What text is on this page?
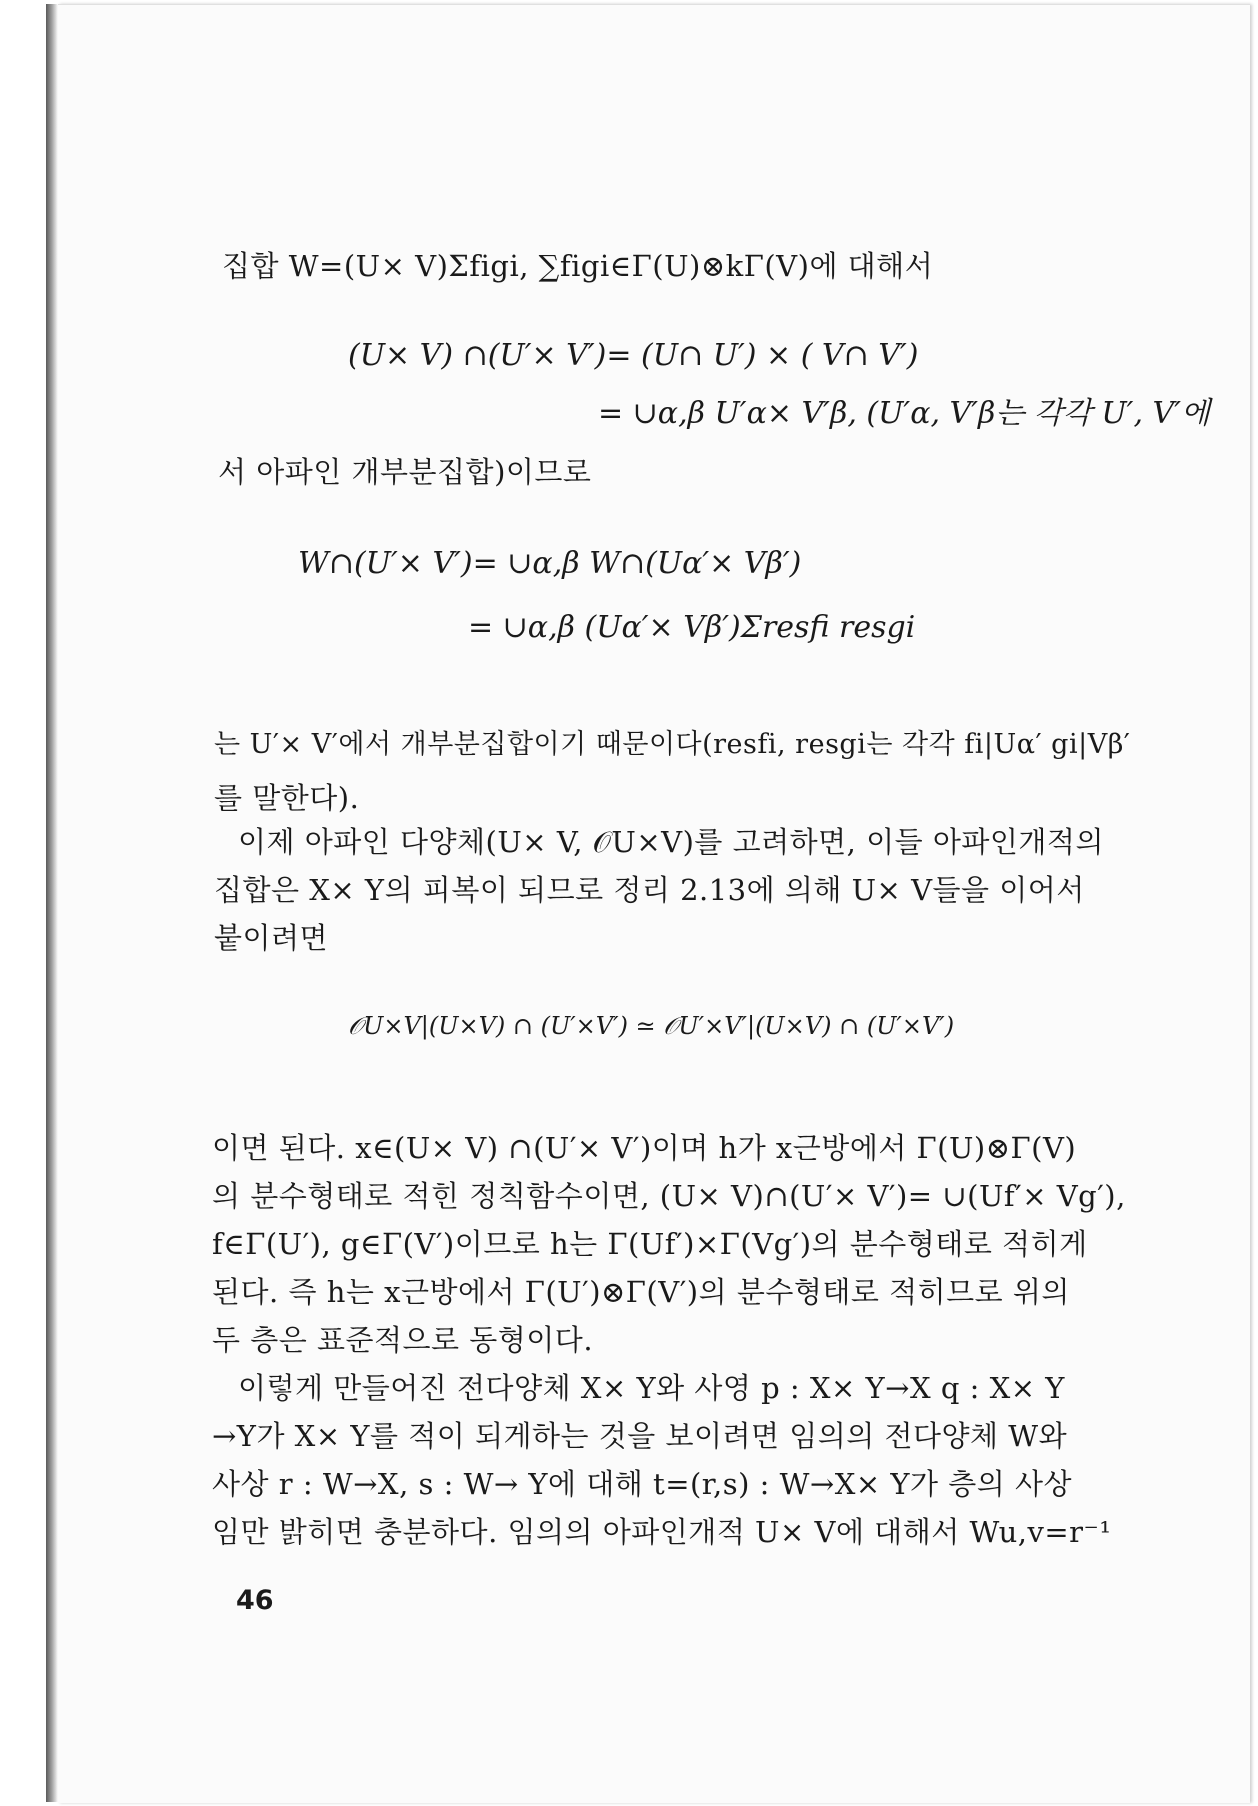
집합 W=(U× V)Σfigi, ∑figi∈Γ(U)⊗kΓ(V)에 대해서
(U× V) ∩(U′× V′)= (U∩ U′) × ( V∩ V′)
= ∪α,β U′α× V′β, (U′α, V′β는 각각 U′, V′에
서 아파인 개부분집합)이므로
W∩(U′× V′)= ∪α,β W∩(Uα′× Vβ′)
= ∪α,β (Uα′× Vβ′)Σresfi resgi
는 U′× V′에서 개부분집합이기 때문이다(resfi, resgi는 각각 fi|Uα′ gi|Vβ′
를 말한다).
이제 아파인 다양체(U× V, 𝒪U×V)를 고려하면, 이들 아파인개적의
집합은 X× Y의 피복이 되므로 정리 2.13에 의해 U× V들을 이어서
붙이려면
𝒪U×V|(U×V) ∩ (U′×V′) ≃ 𝒪U′×V′|(U×V) ∩ (U′×V′)
이면 된다. x∈(U× V) ∩(U′× V′)이며 h가 x근방에서 Γ(U)⊗Γ(V)
의 분수형태로 적힌 정칙함수이면, (U× V)∩(U′× V′)= ∪(Uf′× Vg′),
f∈Γ(U′), g∈Γ(V′)이므로 h는 Γ(Uf′)×Γ(Vg′)의 분수형태로 적히게
된다. 즉 h는 x근방에서 Γ(U′)⊗Γ(V′)의 분수형태로 적히므로 위의
두 층은 표준적으로 동형이다.
이렇게 만들어진 전다양체 X× Y와 사영 p : X× Y→X q : X× Y
→Y가 X× Y를 적이 되게하는 것을 보이려면 임의의 전다양체 W와
사상 r : W→X, s : W→ Y에 대해 t=(r,s) : W→X× Y가 층의 사상
임만 밝히면 충분하다. 임의의 아파인개적 U× V에 대해서 Wu,v=r⁻¹
46
